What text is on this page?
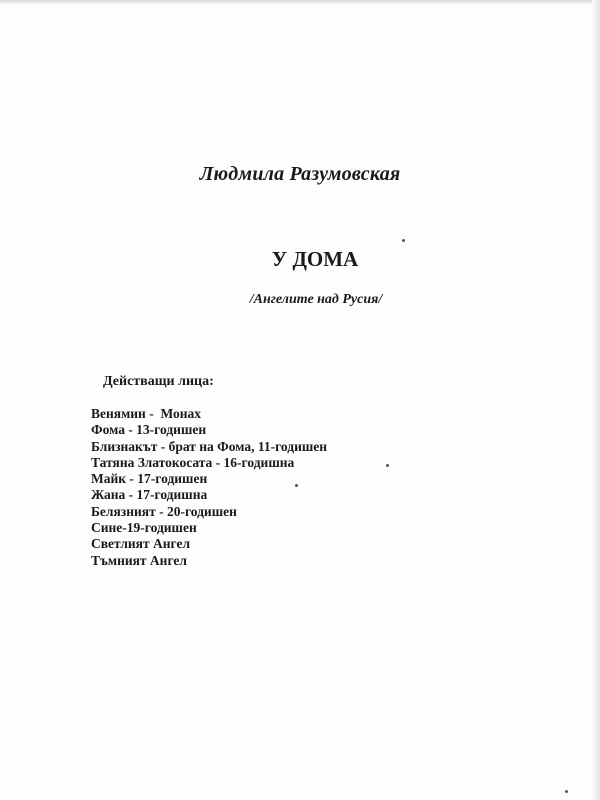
Людмила Разумовская
У ДОМА
/Ангелите над Русия/
Действащи лица:
Венямин -  Монах
Фома - 13-годишен
Близнакът - брат на Фома, 11-годишен
Татяна Златокосата - 16-годишна
Майк - 17-годишен
Жана - 17-годишна
Белязният - 20-годишен
Сине-19-годишен
Светлият Ангел
Тъмният Ангел
